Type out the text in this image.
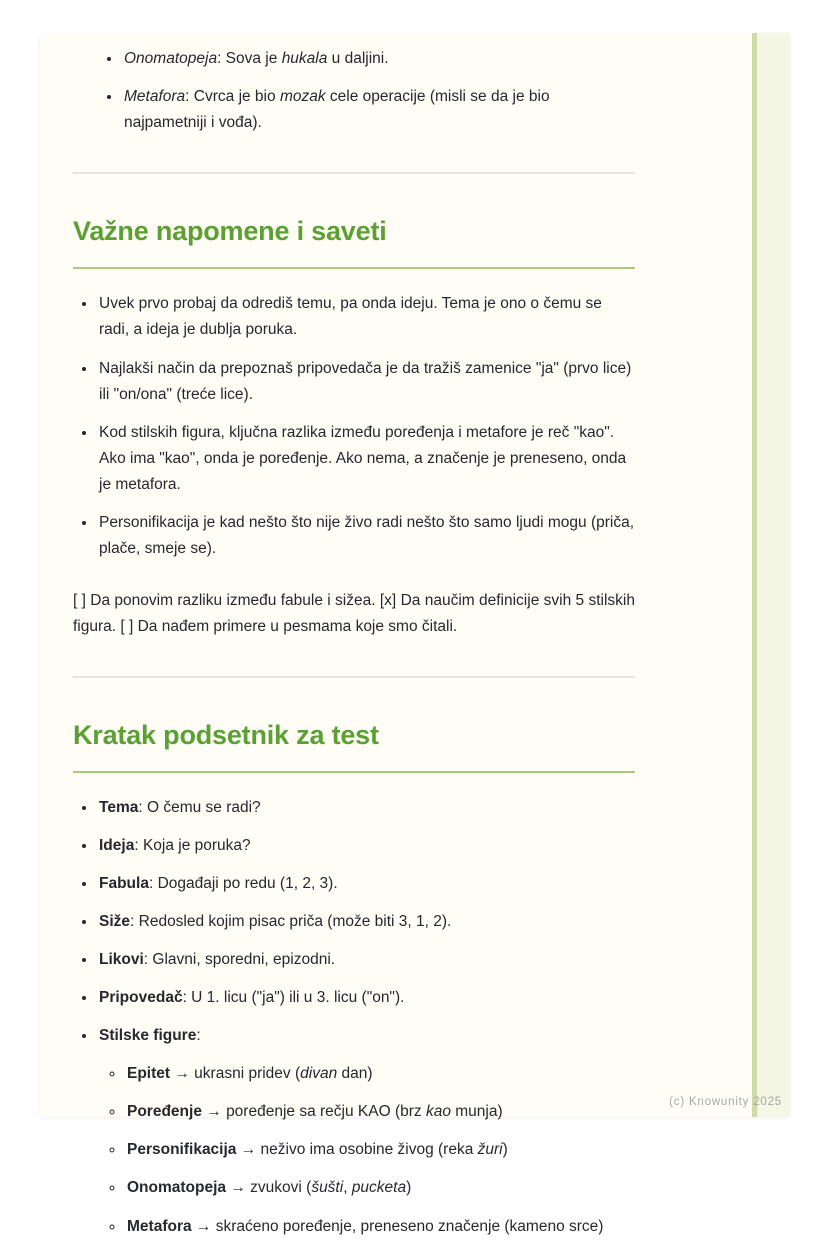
• Onomatopeja: Sova je hukala u daljini.
• Metafora: Cvrca je bio mozak cele operacije (misli se da je bio najpametniji i vođa).
Važne napomene i saveti
• Uvek prvo probaj da odrediš temu, pa onda ideju. Tema je ono o čemu se radi, a ideja je dublja poruka.
• Najlakši način da prepoznaš pripovedača je da tražiš zamenice "ja" (prvo lice) ili "on/ona" (treće lice).
• Kod stilskih figura, ključna razlika između poređenja i metafore je reč "kao". Ako ima "kao", onda je poređenje. Ako nema, a značenje je preneseno, onda je metafora.
• Personifikacija je kad nešto što nije živo radi nešto što samo ljudi mogu (priča, plače, smeje se).

[ ] Da ponovim razliku između fabule i sižea. [x] Da naučim definicije svih 5 stilskih figura. [ ] Da nađem primere u pesmama koje smo čitali.

Kratak podsetnik za test
• Tema: O čemu se radi?
• Ideja: Koja je poruka?
• Fabula: Događaji po redu (1, 2, 3).
• Siže: Redosled kojim pisac priča (može biti 3, 1, 2).
• Likovi: Glavni, sporedni, epizodni.
• Pripovedač: U 1. licu ("ja") ili u 3. licu ("on").
• Stilske figure:
◦ Epitet → ukrasni pridev (divan dan)
◦ Poređenje → poređenje sa rečju KAO (brz kao munja)
◦ Personifikacija → neživo ima osobine živog (reka žuri)
◦ Onomatopeja → zvukovi (šušti, pucketa)
◦ Metafora → skraćeno poređenje, preneseno značenje (kameno srce)
(c) Knowunity 2025
